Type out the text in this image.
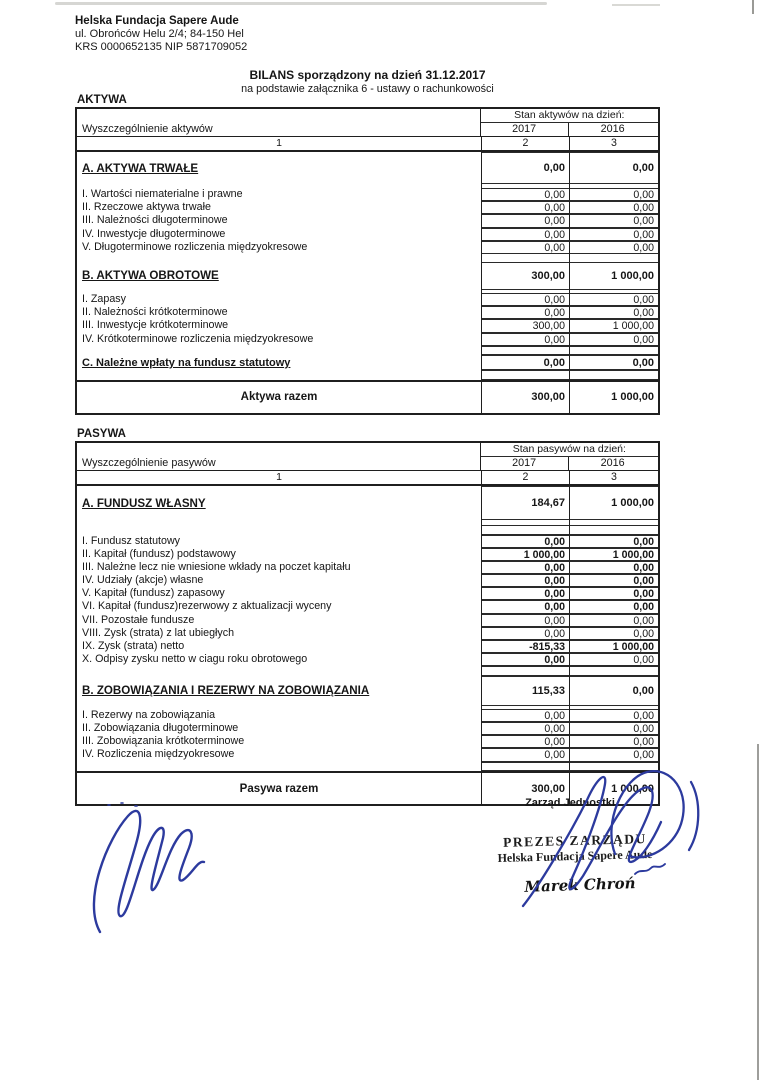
Helska Fundacja Sapere Aude
ul. Obrońców Helu 2/4; 84-150 Hel
KRS 0000652135 NIP 5871709052
BILANS sporządzony na dzień 31.12.2017
na podstawie załącznika 6 - ustawy o rachunkowości
AKTYWA
Wyszczególnienie aktywów
Stan aktywów na dzień:
2017	2016
1	2	3
A. AKTYWA TRWAŁE	0,00	0,00
I. Wartości niematerialne i prawne	0,00	0,00
II. Rzeczowe aktywa trwałe	0,00	0,00
III. Należności długoterminowe	0,00	0,00
IV. Inwestycje długoterminowe	0,00	0,00
V. Długoterminowe rozliczenia międzyokresowe	0,00	0,00
B. AKTYWA OBROTOWE	300,00	1 000,00
I. Zapasy	0,00	0,00
II. Należności krótkoterminowe	0,00	0,00
III. Inwestycje krótkoterminowe	300,00	1 000,00
IV. Krótkoterminowe rozliczenia międzyokresowe	0,00	0,00
C. Należne wpłaty na fundusz statutowy	0,00	0,00
Aktywa razem	300,00	1 000,00
PASYWA
Wyszczególnienie pasywów
Stan pasywów na dzień:
2017	2016
1	2	3
A. FUNDUSZ WŁASNY	184,67	1 000,00
I. Fundusz statutowy	0,00	0,00
II. Kapitał (fundusz) podstawowy	1 000,00	1 000,00
III. Należne lecz nie wniesione wkłady na poczet kapitału	0,00	0,00
IV. Udziały (akcje) własne	0,00	0,00
V. Kapitał (fundusz) zapasowy	0,00	0,00
VI. Kapitał (fundusz)rezerwowy z aktualizacji wyceny	0,00	0,00
VII. Pozostałe fundusze	0,00	0,00
VIII. Zysk (strata) z lat ubiegłych	0,00	0,00
IX. Zysk (strata) netto	-815,33	1 000,00
X. Odpisy zysku netto w ciagu roku obrotowego	0,00	0,00
B. ZOBOWIĄZANIA I REZERWY NA ZOBOWIĄZANIA	115,33	0,00
I. Rezerwy na zobowiązania	0,00	0,00
II. Zobowiązania długoterminowe	0,00	0,00
III. Zobowiązania krótkoterminowe	0,00	0,00
IV. Rozliczenia międzyokresowe	0,00	0,00
Pasywa razem	300,00	1 000,00
Zarząd Jednostki
PREZES ZARZĄDU
Helska Fundacja Sapere Aude
Marek Chroń
